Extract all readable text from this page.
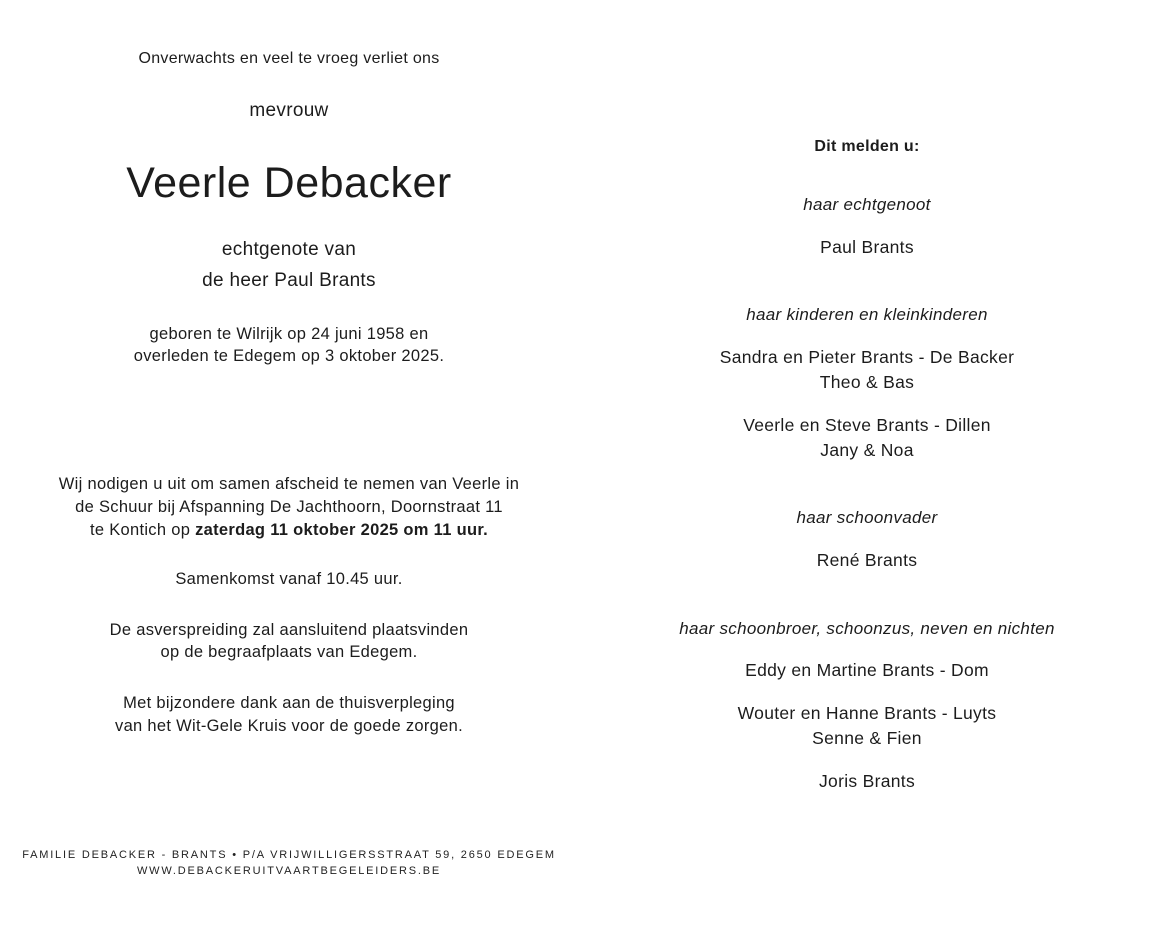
Onverwachts en veel te vroeg verliet ons
mevrouw
Veerle Debacker
echtgenote van
de heer Paul Brants
geboren te Wilrijk op 24 juni 1958 en
overleden te Edegem op 3 oktober 2025.
Wij nodigen u uit om samen afscheid te nemen van Veerle in
de Schuur bij Afspanning De Jachthoorn, Doornstraat 11
te Kontich op zaterdag 11 oktober 2025 om 11 uur.
Samenkomst vanaf 10.45 uur.
De asverspreiding zal aansluitend plaatsvinden
op de begraafplaats van Edegem.
Met bijzondere dank aan de thuisverpleging
van het Wit-Gele Kruis voor de goede zorgen.
FAMILIE DEBACKER - BRANTS • P/A VRIJWILLIGERSSTRAAT 59, 2650 EDEGEM
WWW.DEBACKERUITVAARTBEGELEIDERS.BE
Dit melden u:
haar echtgenoot
Paul Brants
haar kinderen en kleinkinderen
Sandra en Pieter Brants - De Backer
Theo & Bas
Veerle en Steve Brants - Dillen
Jany & Noa
haar schoonvader
René Brants
haar schoonbroer, schoonzus, neven en nichten
Eddy en Martine Brants - Dom
Wouter en Hanne Brants - Luyts
Senne & Fien
Joris Brants
